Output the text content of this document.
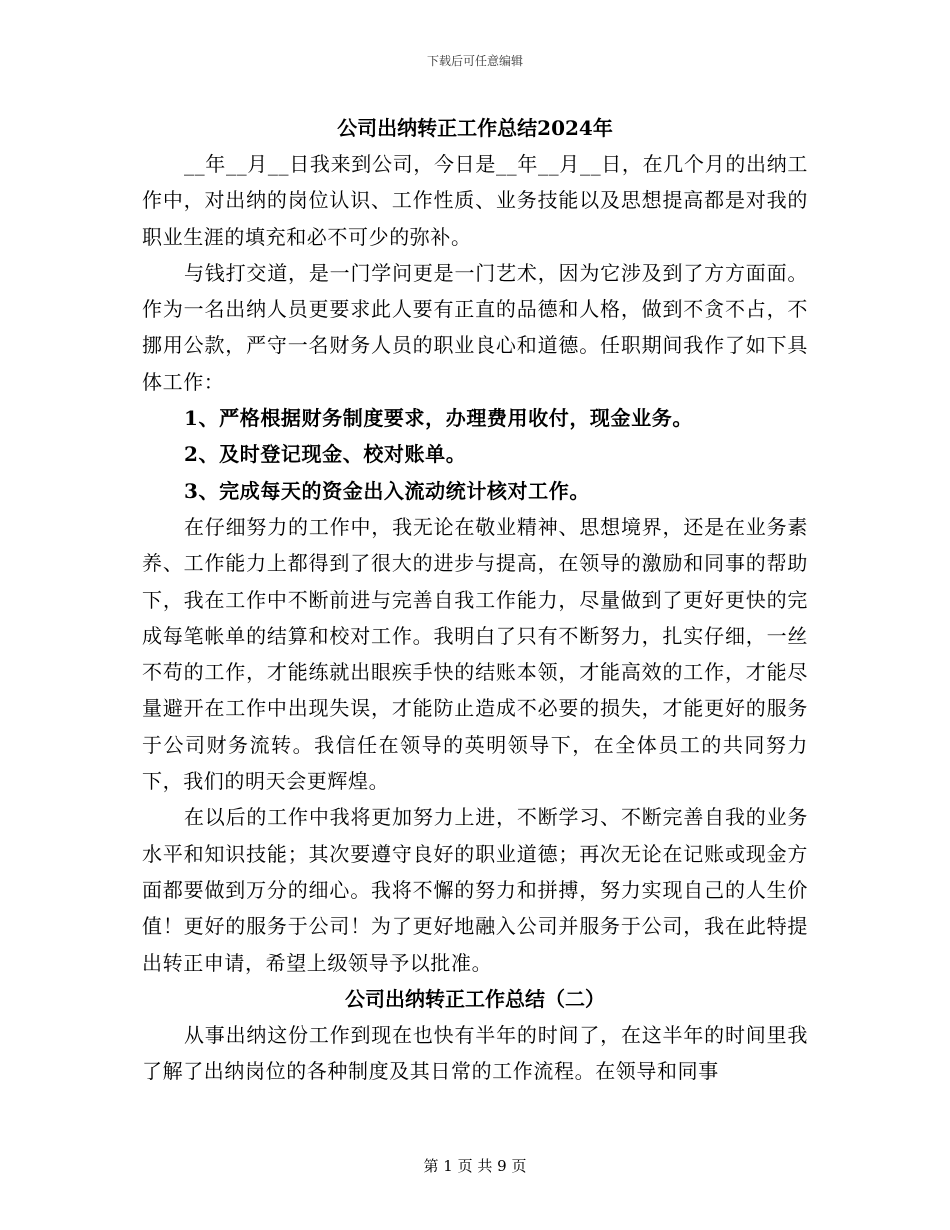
下载后可任意编辑
公司出纳转正工作总结2024年

__年__月__日我来到公司，今日是__年__月__日，在几个月的出纳工作中，对出纳的岗位认识、工作性质、业务技能以及思想提高都是对我的职业生涯的填充和必不可少的弥补。

与钱打交道，是一门学问更是一门艺术，因为它涉及到了方方面面。作为一名出纳人员更要求此人要有正直的品德和人格，做到不贪不占，不挪用公款，严守一名财务人员的职业良心和道德。任职期间我作了如下具体工作：

1、严格根据财务制度要求，办理费用收付，现金业务。

2、及时登记现金、校对账单。

3、完成每天的资金出入流动统计核对工作。

在仔细努力的工作中，我无论在敬业精神、思想境界，还是在业务素养、工作能力上都得到了很大的进步与提高，在领导的激励和同事的帮助下，我在工作中不断前进与完善自我工作能力，尽量做到了更好更快的完成每笔帐单的结算和校对工作。我明白了只有不断努力，扎实仔细，一丝不苟的工作，才能练就出眼疾手快的结账本领，才能高效的工作，才能尽量避开在工作中出现失误，才能防止造成不必要的损失，才能更好的服务于公司财务流转。我信任在领导的英明领导下，在全体员工的共同努力下，我们的明天会更辉煌。

在以后的工作中我将更加努力上进，不断学习、不断完善自我的业务水平和知识技能；其次要遵守良好的职业道德；再次无论在记账或现金方面都要做到万分的细心。我将不懈的努力和拼搏，努力实现自己的人生价值！更好的服务于公司！为了更好地融入公司并服务于公司，我在此特提出转正申请，希望上级领导予以批准。

公司出纳转正工作总结（二）

从事出纳这份工作到现在也快有半年的时间了，在这半年的时间里我了解了出纳岗位的各种制度及其日常的工作流程。在领导和同事

第 1 页 共 9 页
